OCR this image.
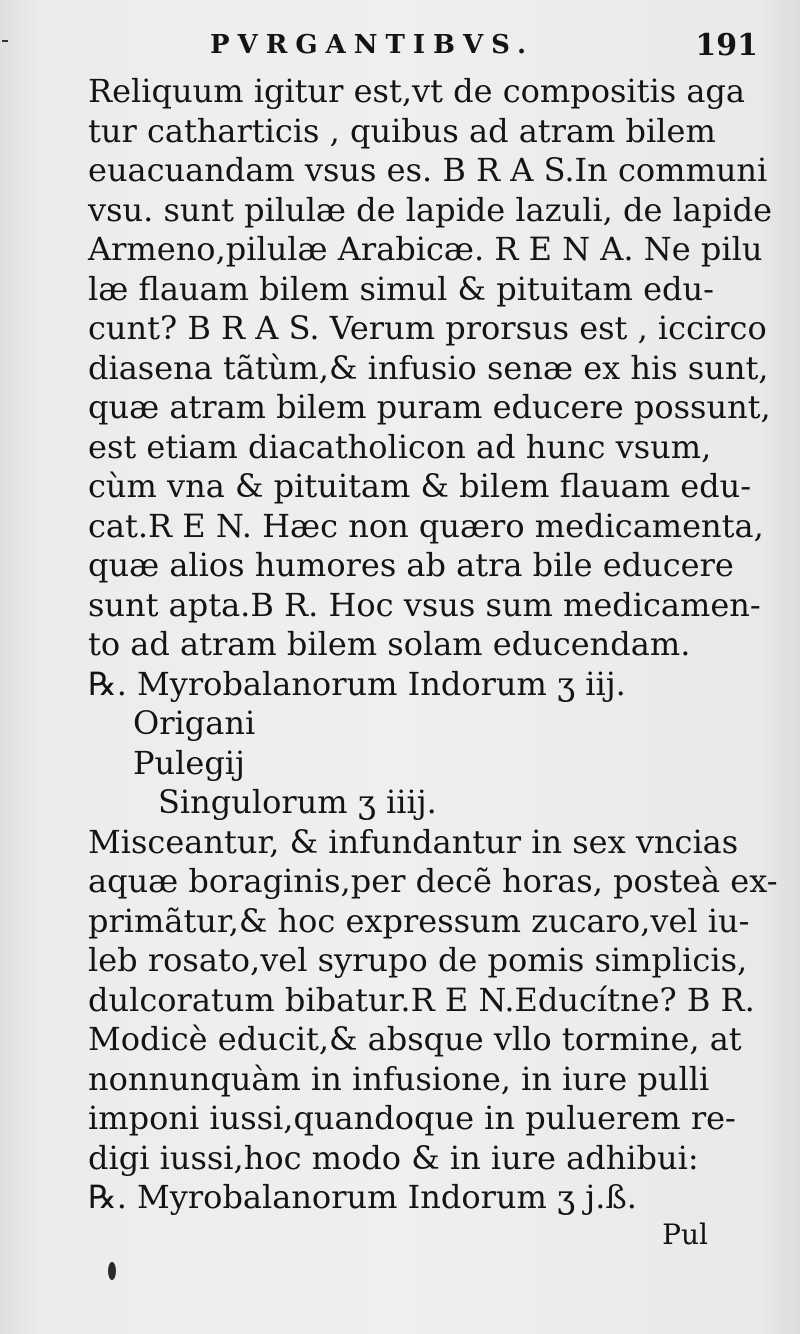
PVRGANTIBVS.	191
Reliquum igitur est,vt de compositis aga
tur catharticis , quibus ad atram bilem
euacuandam vsus es. B R A S.In communi
vsu. sunt pilulæ de lapide lazuli, de lapide
Armeno,pilulæ Arabicæ. R E N A. Ne pilu
læ flauam bilem simul & pituitam edu-
cunt? B R A S. Verum prorsus est , iccirco
diasena tãtùm,& infusio senæ ex his sunt,
quæ atram bilem puram educere possunt,
est etiam diacatholicon ad hunc vsum,
cùm vna & pituitam & bilem flauam edu-
cat.R E N. Hæc non quæro medicamenta,
quæ alios humores ab atra bile educere
sunt apta.B R. Hoc vsus sum medicamen-
to ad atram bilem solam educendam.
℞. Myrobalanorum Indorum ʒ iij.
Origani
Pulegij
Singulorum ʒ iiij.
Misceantur, & infundantur in sex vncias
aquæ boraginis,per decẽ horas, posteà ex-
primãtur,& hoc expressum zucaro,vel iu-
leb rosato,vel syrupo de pomis simplicis,
dulcoratum bibatur.R E N.Educítne? B R.
Modicè educit,& absque vllo tormine, at
nonnunquàm in infusione, in iure pulli
imponi iussi,quandoque in puluerem re-
digi iussi,hoc modo & in iure adhibui:
℞. Myrobalanorum Indorum ʒ j.ß.
Pul
